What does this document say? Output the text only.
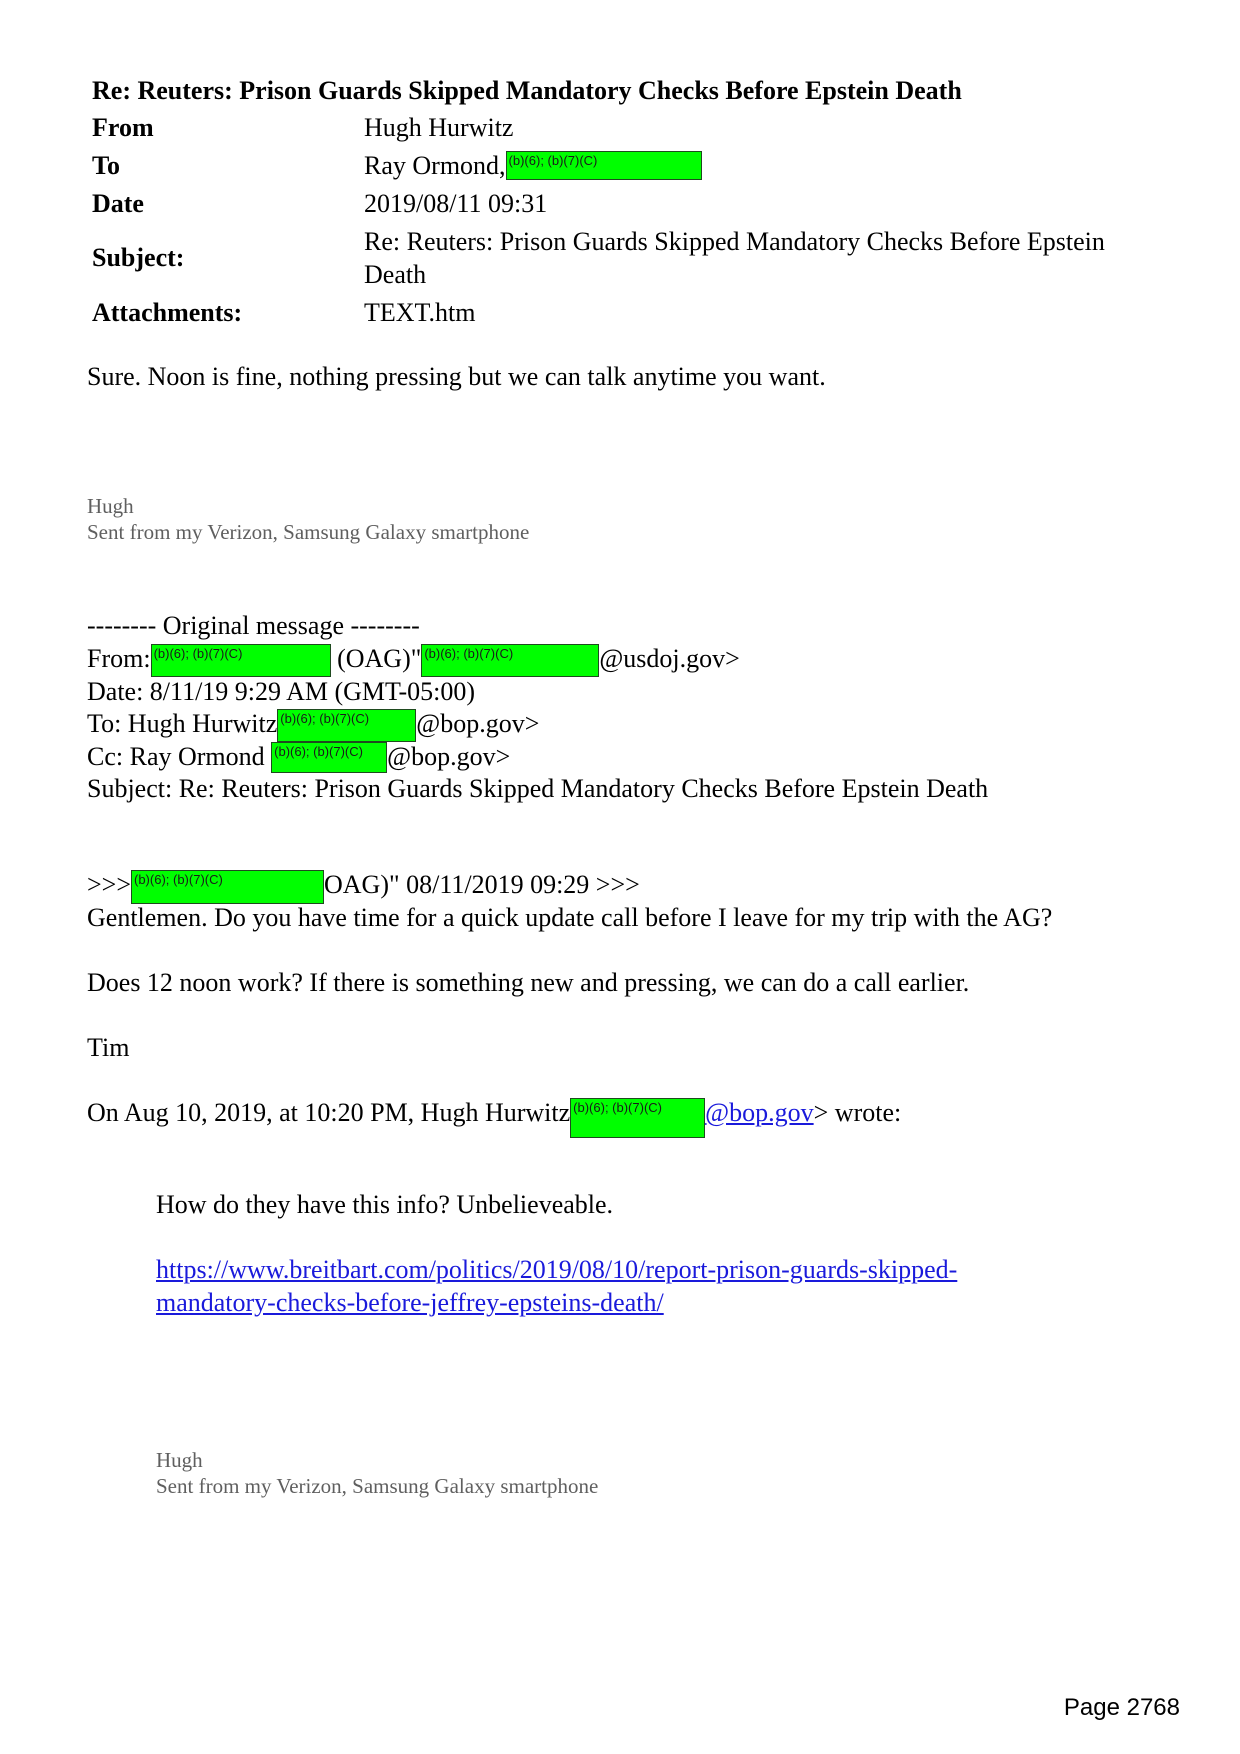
Re: Reuters: Prison Guards Skipped Mandatory Checks Before Epstein Death
From	Hugh Hurwitz
To	Ray Ormond, (b)(6); (b)(7)(C)
Date	2019/08/11 09:31
Subject:
Re: Reuters: Prison Guards Skipped Mandatory Checks Before Epstein
Death
Attachments:	TEXT.htm
Sure. Noon is fine, nothing pressing but we can talk anytime you want.
Hugh
Sent from my Verizon, Samsung Galaxy smartphone
-------- Original message --------
From: (b)(6); (b)(7)(C)	(OAG)" (b)(6); (b)(7)(C)	@usdoj.gov>
Date: 8/11/19 9:29 AM (GMT-05:00)
To: Hugh Hurwitz (b)(6); (b)(7)(C) @bop.gov>
Cc: Ray Ormond (b)(6); (b)(7)(C) @bop.gov>
Subject: Re: Reuters: Prison Guards Skipped Mandatory Checks Before Epstein Death
>>> (b)(6); (b)(7)(C)	OAG)" 08/11/2019 09:29 >>>
Gentlemen. Do you have time for a quick update call before I leave for my trip with the AG?
Does 12 noon work? If there is something new and pressing, we can do a call earlier.
Tim
On Aug 10, 2019, at 10:20 PM, Hugh Hurwitz (b)(6); (b)(7)(C) @bop.gov> wrote:
How do they have this info? Unbelieveable.
https://www.breitbart.com/politics/2019/08/10/report-prison-guards-skipped-
mandatory-checks-before-jeffrey-epsteins-death/
Hugh
Sent from my Verizon, Samsung Galaxy smartphone
Page 2768
